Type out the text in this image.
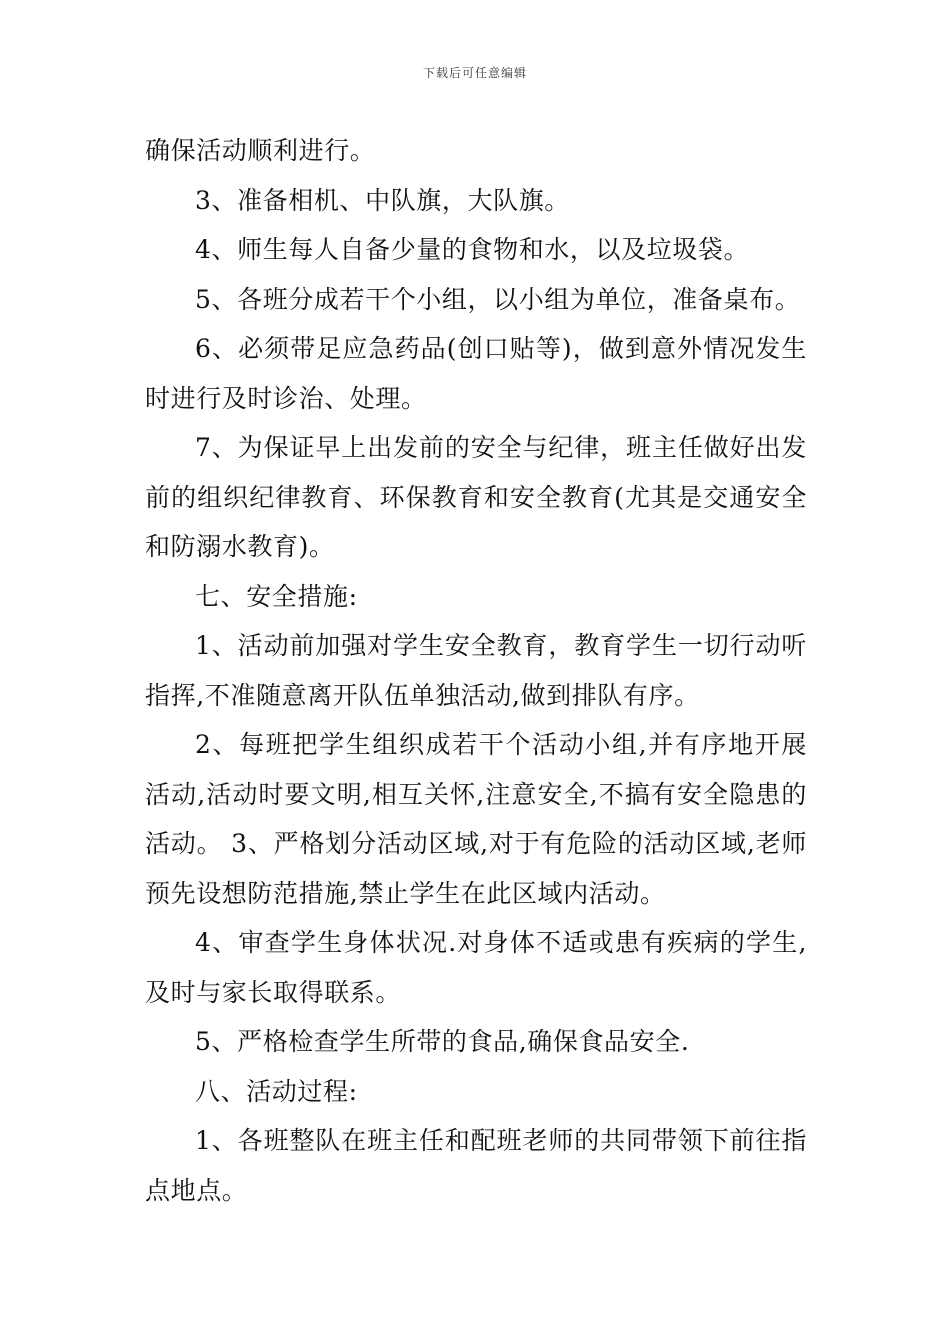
下载后可任意编辑

确保活动顺利进行。

3、准备相机、中队旗，大队旗。

4、师生每人自备少量的食物和水，以及垃圾袋。

5、各班分成若干个小组，以小组为单位，准备桌布。

6、必须带足应急药品(创口贴等)，做到意外情况发生时进行及时诊治、处理。

7、为保证早上出发前的安全与纪律，班主任做好出发前的组织纪律教育、环保教育和安全教育(尤其是交通安全和防溺水教育)。

七、安全措施:

1、活动前加强对学生安全教育，教育学生一切行动听指挥,不准随意离开队伍单独活动,做到排队有序。

2、每班把学生组织成若干个活动小组,并有序地开展活动,活动时要文明,相互关怀,注意安全,不搞有安全隐患的活动。 3、严格划分活动区域,对于有危险的活动区域,老师预先设想防范措施,禁止学生在此区域内活动。

4、审查学生身体状况.对身体不适或患有疾病的学生,及时与家长取得联系。

5、严格检查学生所带的食品,确保食品安全.

八、活动过程:

1、各班整队在班主任和配班老师的共同带领下前往指点地点。
